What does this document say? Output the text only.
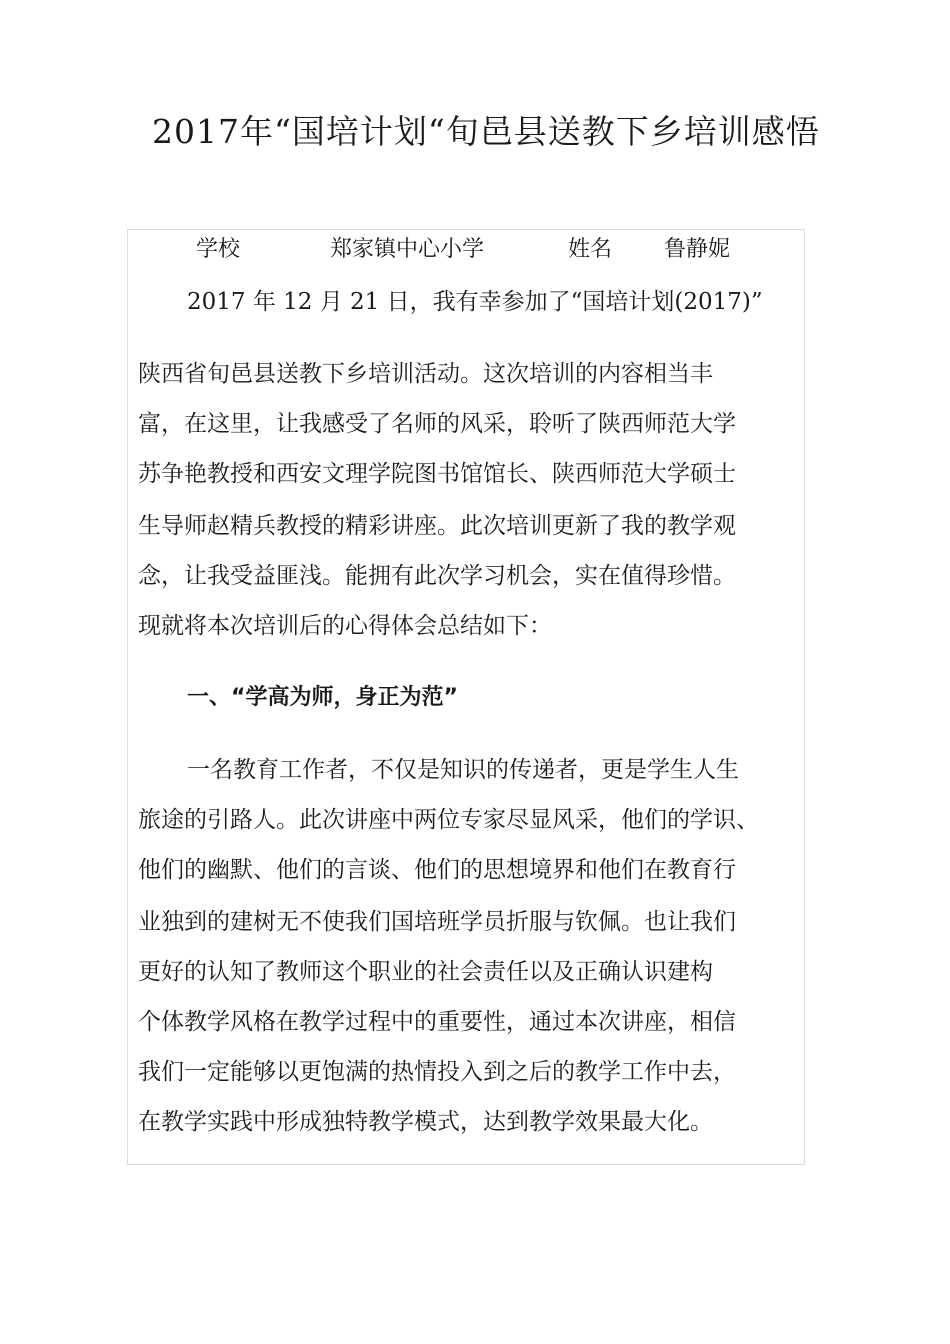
2017年“国培计划“旬邑县送教下乡培训感悟
学校	郑家镇中心小学	姓名 鲁静妮
2017 年 12 月 21 日，我有幸参加了“国培计划(2017)”
陕西省旬邑县送教下乡培训活动。这次培训的内容相当丰
富，在这里，让我感受了名师的风采，聆听了陕西师范大学
苏争艳教授和西安文理学院图书馆馆长、陕西师范大学硕士
生导师赵精兵教授的精彩讲座。此次培训更新了我的教学观
念，让我受益匪浅。能拥有此次学习机会，实在值得珍惜。
现就将本次培训后的心得体会总结如下：
一、“学高为师，身正为范”
一名教育工作者，不仅是知识的传递者，更是学生人生
旅途的引路人。此次讲座中两位专家尽显风采，他们的学识、
他们的幽默、他们的言谈、他们的思想境界和他们在教育行
业独到的建树无不使我们国培班学员折服与钦佩。也让我们
更好的认知了教师这个职业的社会责任以及正确认识建构
个体教学风格在教学过程中的重要性，通过本次讲座，相信
我们一定能够以更饱满的热情投入到之后的教学工作中去，
在教学实践中形成独特教学模式，达到教学效果最大化。
